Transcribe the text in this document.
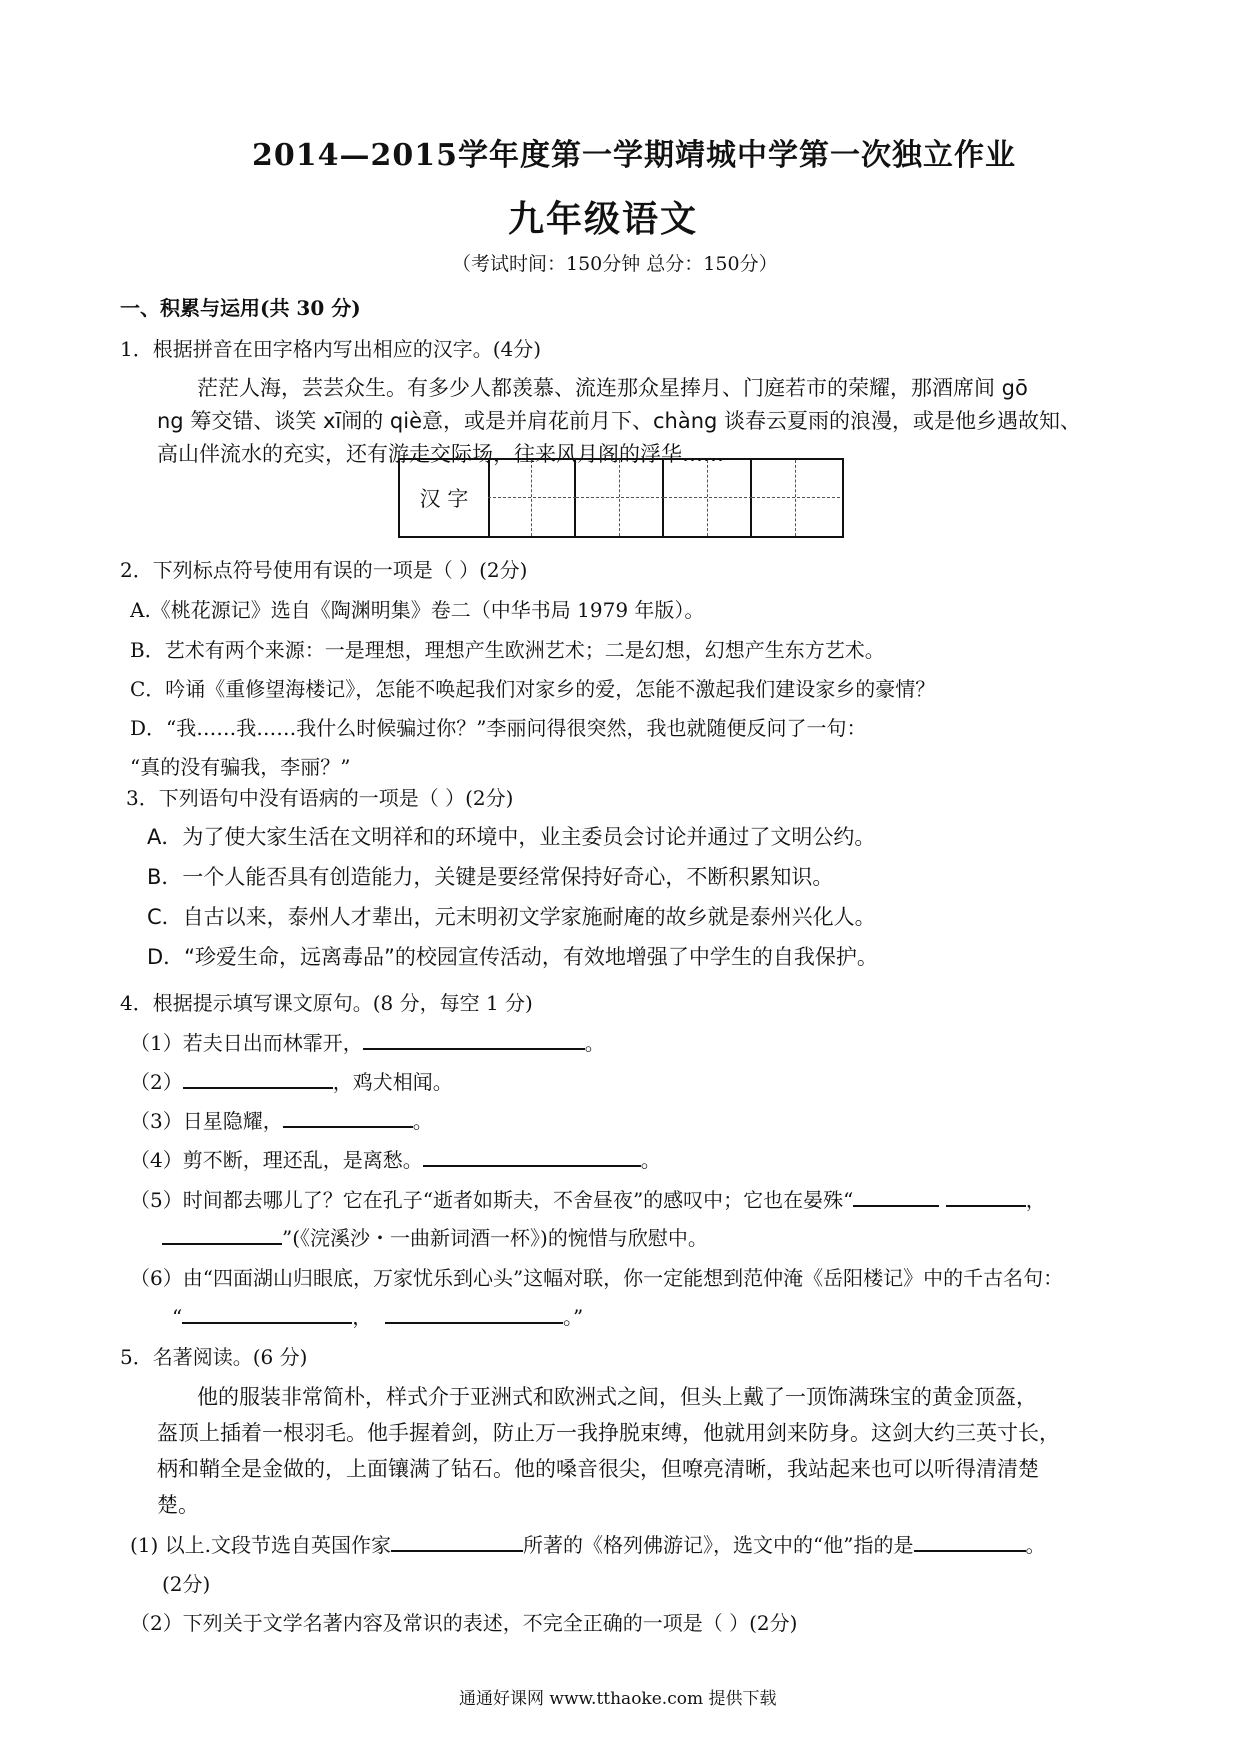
2014—2015学年度第一学期靖城中学第一次独立作业
九年级语文
（考试时间：150分钟 总分：150分）
一、积累与运用(共 30 分)
1．根据拼音在田字格内写出相应的汉字。(4分)
茫茫人海，芸芸众生。有多少人都羡慕、流连那众星捧月、门庭若市的荣耀，那酒席间 gō
ng 筹交错、谈笑 xī闹的 qiè意，或是并肩花前月下、chàng 谈春云夏雨的浪漫，或是他乡遇故知、
高山伴流水的充实，还有游走交际场，往来风月阁的浮华……
汉 字
2．下列标点符号使用有误的一项是（ ）(2分)
A.《桃花源记》选自《陶渊明集》卷二（中华书局 1979 年版）。
B．艺术有两个来源：一是理想，理想产生欧洲艺术；二是幻想，幻想产生东方艺术。
C．吟诵《重修望海楼记》，怎能不唤起我们对家乡的爱，怎能不激起我们建设家乡的豪情？
D．“我……我……我什么时候骗过你？”李丽问得很突然，我也就随便反问了一句：
“真的没有骗我，李丽？”
3．下列语句中没有语病的一项是（ ）(2分)
A．为了使大家生活在文明祥和的环境中，业主委员会讨论并通过了文明公约。
B．一个人能否具有创造能力，关键是要经常保持好奇心，不断积累知识。
C．自古以来，泰州人才辈出，元末明初文学家施耐庵的故乡就是泰州兴化人。
D．“珍爱生命，远离毒品”的校园宣传活动，有效地增强了中学生的自我保护。
4．根据提示填写课文原句。(8 分，每空 1 分)
（1）若夫日出而林霏开，	。
（2）	，鸡犬相闻。
（3）日星隐耀，	。
（4）剪不断，理还乱，是离愁。	。
（5）时间都去哪儿了？它在孔子“逝者如斯夫，不舍昼夜”的感叹中；它也在晏殊“	，
”(《浣溪沙・一曲新词酒一杯》)的惋惜与欣慰中。
（6）由“四面湖山归眼底，万家忧乐到心头”这幅对联，你一定能想到范仲淹《岳阳楼记》中的千古名句：
“	，	。”
5．名著阅读。(6 分)
他的服装非常简朴，样式介于亚洲式和欧洲式之间，但头上戴了一顶饰满珠宝的黄金顶盔，
盔顶上插着一根羽毛。他手握着剑，防止万一我挣脱束缚，他就用剑来防身。这剑大约三英寸长，
柄和鞘全是金做的，上面镶满了钻石。他的嗓音很尖，但嘹亮清晰，我站起来也可以听得清清楚
楚。
(1) 以上.文段节选自英国作家	所著的《格列佛游记》，选文中的“他”指的是	。
(2分)
（2）下列关于文学名著内容及常识的表述，不完全正确的一项是（ ）(2分)
通通好课网 www.tthaoke.com 提供下载
